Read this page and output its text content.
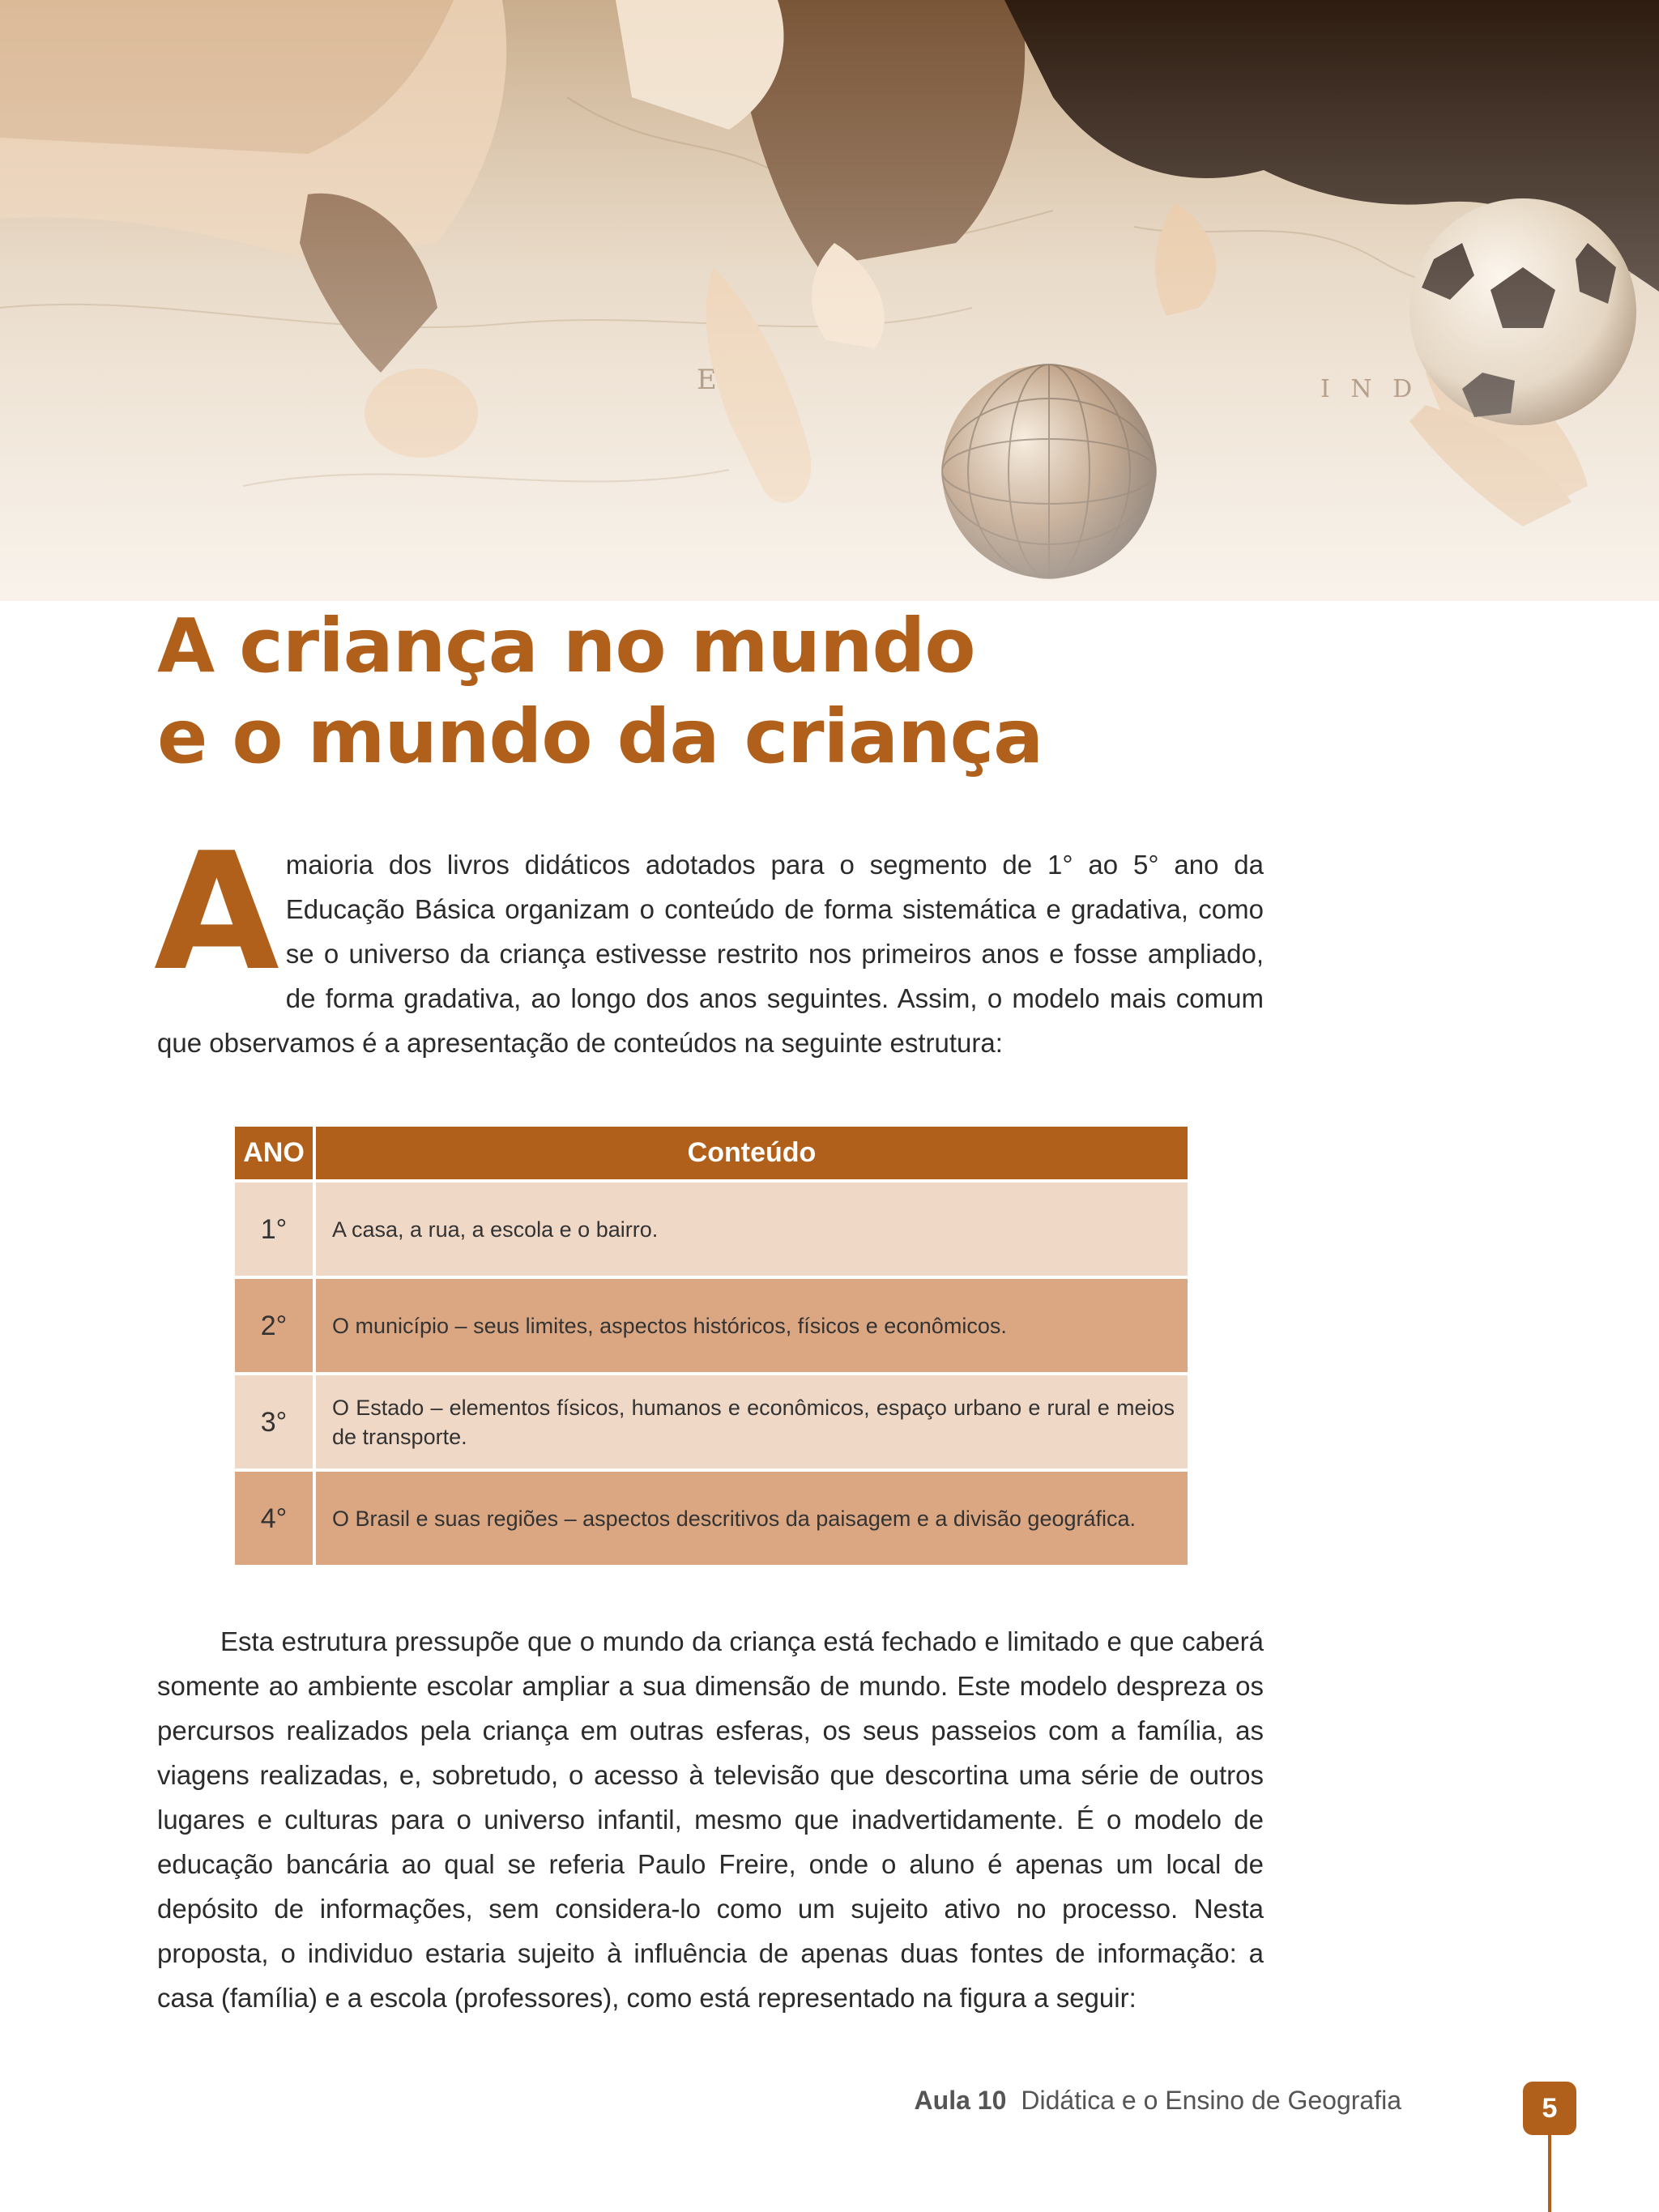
A criança no mundo
e o mundo da criança

Amaioria dos livros didáticos adotados para o segmento de 1° ao 5° ano da Educação Básica organizam o conteúdo de forma sistemática e gradativa, como se o universo da criança estivesse restrito nos primeiros anos e fosse ampliado, de forma gradativa, ao longo dos anos seguintes. Assim, o modelo mais comum que observamos é a apresentação de conteúdos na seguinte estrutura:

ANO	Conteúdo
1°	A casa, a rua, a escola e o bairro.
2°	O município – seus limites, aspectos históricos, físicos e econômicos.
3°	O Estado – elementos físicos, humanos e econômicos, espaço urbano e rural e meios de transporte.
4°	O Brasil e suas regiões – aspectos descritivos da paisagem e a divisão geográfica.

Esta estrutura pressupõe que o mundo da criança está fechado e limitado e que caberá somente ao ambiente escolar ampliar a sua dimensão de mundo. Este modelo despreza os percursos realizados pela criança em outras esferas, os seus passeios com a família, as viagens realizadas, e, sobretudo, o acesso à televisão que descortina uma série de outros lugares e culturas para o universo infantil, mesmo que inadvertidamente. É o modelo de educação bancária ao qual se referia Paulo Freire, onde o aluno é apenas um local de depósito de informações, sem considera-lo como um sujeito ativo no processo. Nesta proposta, o individuo estaria sujeito à influência de apenas duas fontes de informação: a casa (família) e a escola (professores), como está representado na figura a seguir:

Aula 10 Didática e o Ensino de Geografia	5
